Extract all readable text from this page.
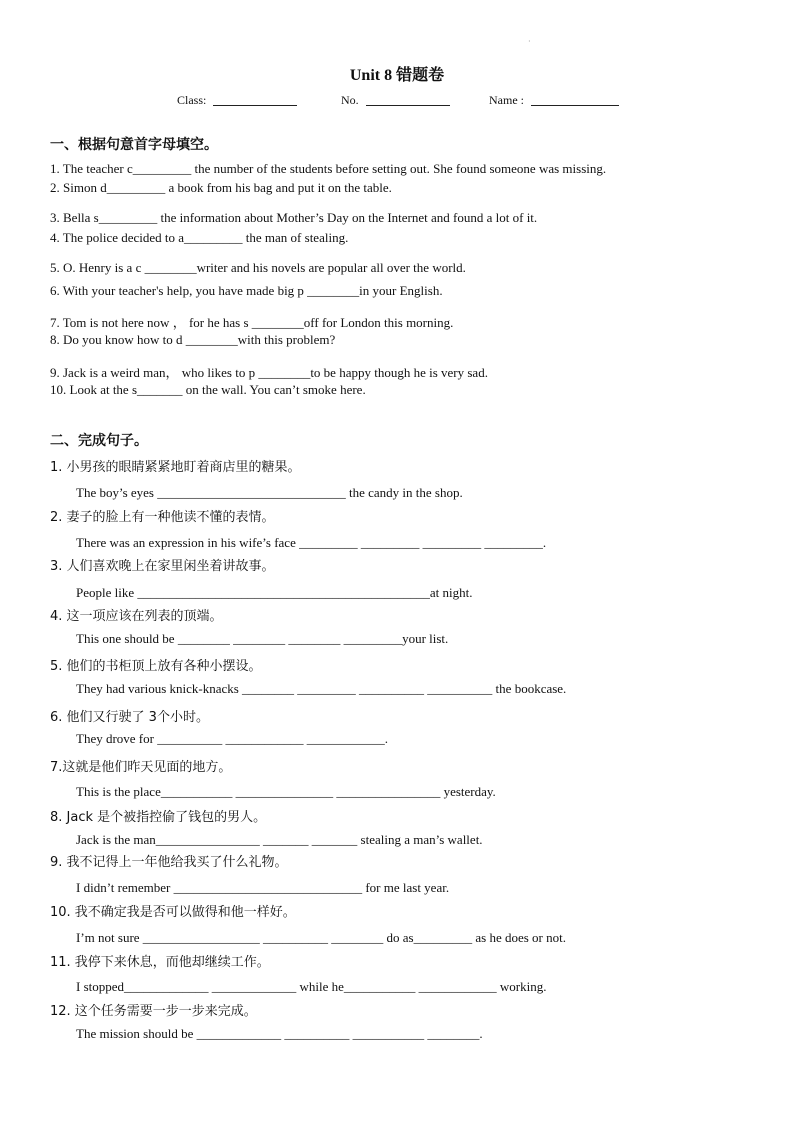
·
Unit 8 错题卷
Class:	No.	Name :
一、根据句意首字母填空。
1. The teacher c_________ the number of the students before setting out. She found someone was missing.
2. Simon d_________ a book from his bag and put it on the table.
3. Bella s_________ the information about Mother’s Day on the Internet and found a lot of it.
4. The police decided to a_________ the man of stealing.
5. O. Henry is a c ________writer and his novels are popular all over the world.
6. With your teacher's help, you have made big p ________in your English.
7. Tom is not here now ， for he has s ________off for London this morning.
8. Do you know how to d ________with this problem?
9. Jack is a weird man， who likes to p ________to be happy though he is very sad.
10. Look at the s_______ on the wall. You can’t smoke here.
二、完成句子。
1. 小男孩的眼睛紧紧地盯着商店里的糖果。
The boy’s eyes _____________________________ the candy in the shop.
2. 妻子的脸上有一种他读不懂的表情。
There was an expression in his wife’s face _________ _________ _________ _________.
3. 人们喜欢晚上在家里闲坐着讲故事。
People like _____________________________________________at night.
4. 这一项应该在列表的顶端。
This one should be ________ ________ ________ _________your list.
5. 他们的书柜顶上放有各种小摆设。
They had various knick-knacks ________ _________ __________ __________ the bookcase.
6. 他们又行驶了 3个小时。
They drove for __________ ____________ ____________.
7.这就是他们昨天见面的地方。
This is the place___________ _______________ ________________ yesterday.
8. Jack 是个被指控偷了钱包的男人。
Jack is the man________________ _______ _______ stealing a man’s wallet.
9. 我不记得上一年他给我买了什么礼物。
I didn’t remember _____________________________ for me last year.
10. 我不确定我是否可以做得和他一样好。
I’m not sure __________________ __________ ________ do as_________ as he does or not.
11. 我停下来休息，而他却继续工作。
I stopped_____________ _____________ while he___________ ____________ working.
12. 这个任务需要一步一步来完成。
The mission should be _____________ __________ ___________ ________.
